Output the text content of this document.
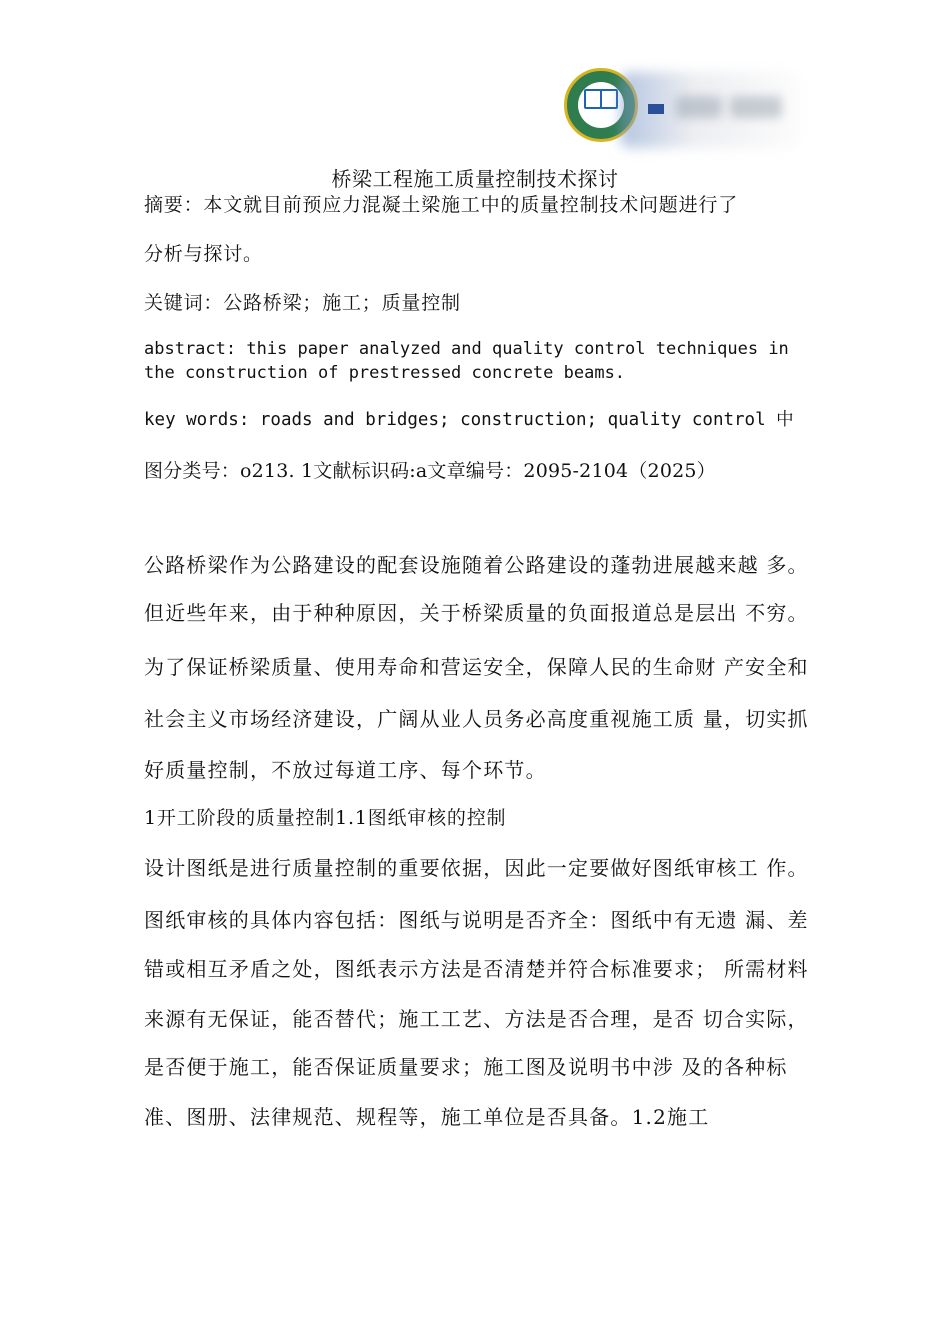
桥梁工程施工质量控制技术探讨
摘要：本文就目前预应力混凝土梁施工中的质量控制技术问题进行了
分析与探讨。
关键词：公路桥梁；施工；质量控制
abstract: this paper analyzed and quality control techniques in
the construction of prestressed concrete beams.
key words: roads and bridges; construction; quality control 中
图分类号：o213. 1文献标识码:a文章编号：2095-2104（2025）
公路桥梁作为公路建设的配套设施随着公路建设的蓬勃进展越来越 多。
但近些年来，由于种种原因，关于桥梁质量的负面报道总是层出 不穷。
为了保证桥梁质量、使用寿命和营运安全，保障人民的生命财 产安全和
社会主义市场经济建设，广阔从业人员务必高度重视施工质 量，切实抓
好质量控制，不放过每道工序、每个环节。
1开工阶段的质量控制1.1图纸审核的控制
设计图纸是进行质量控制的重要依据，因此一定要做好图纸审核工 作。
图纸审核的具体内容包括：图纸与说明是否齐全：图纸中有无遗 漏、差
错或相互矛盾之处，图纸表示方法是否清楚并符合标准要求； 所需材料
来源有无保证，能否替代；施工工艺、方法是否合理，是否 切合实际，
是否便于施工，能否保证质量要求；施工图及说明书中涉 及的各种标
准、图册、法律规范、规程等，施工单位是否具备。1.2施工
